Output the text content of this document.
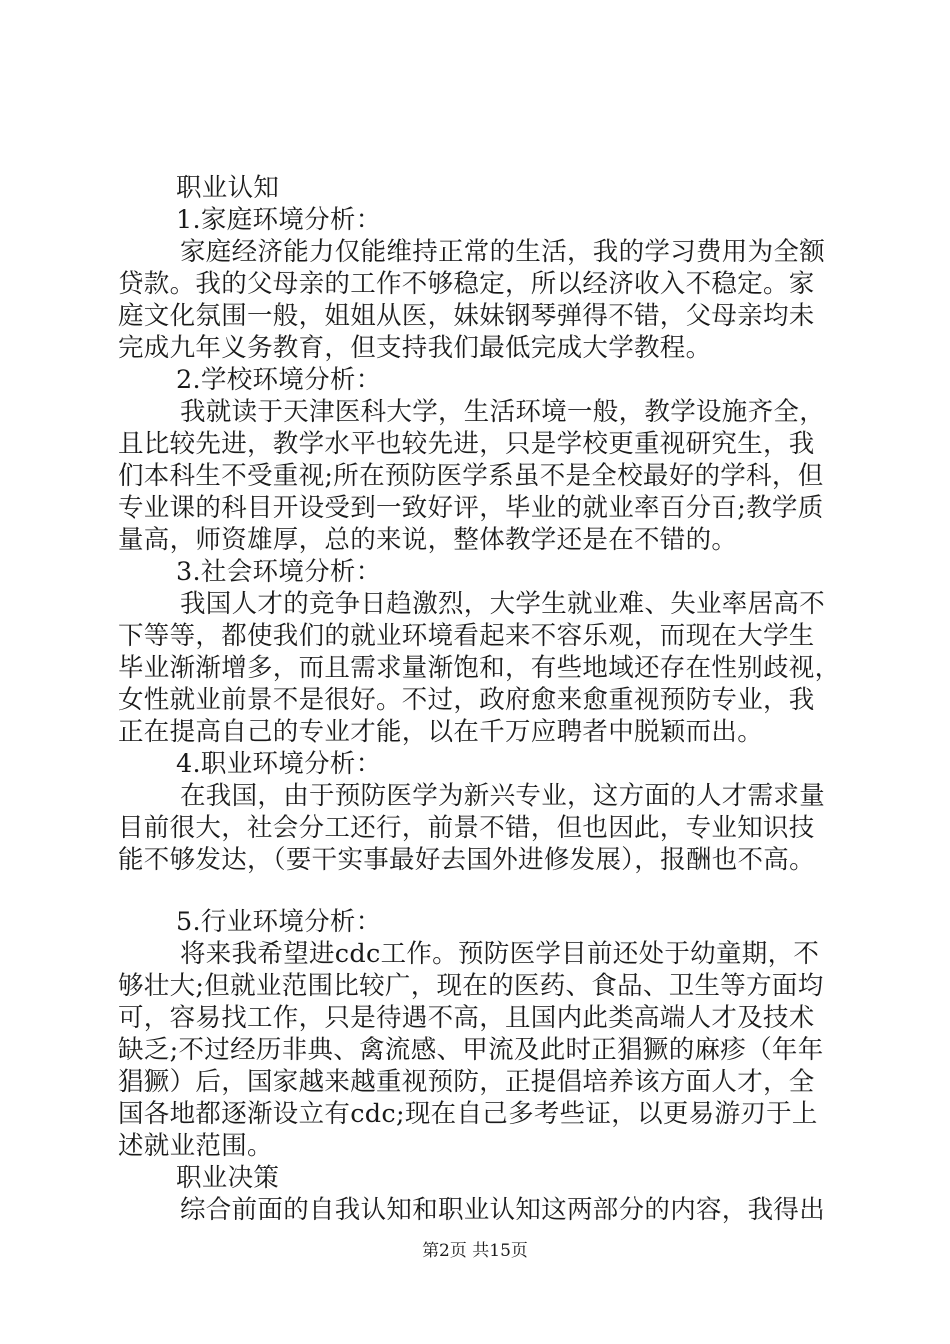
职业认知
1.家庭环境分析：
家庭经济能力仅能维持正常的生活，我的学习费用为全额
贷款。我的父母亲的工作不够稳定，所以经济收入不稳定。家
庭文化氛围一般，姐姐从医，妹妹钢琴弹得不错，父母亲均未
完成九年义务教育，但支持我们最低完成大学教程。
2.学校环境分析：
我就读于天津医科大学，生活环境一般，教学设施齐全，
且比较先进，教学水平也较先进，只是学校更重视研究生，我
们本科生不受重视;所在预防医学系虽不是全校最好的学科，但
专业课的科目开设受到一致好评，毕业的就业率百分百;教学质
量高，师资雄厚，总的来说，整体教学还是在不错的。
3.社会环境分析：
我国人才的竞争日趋激烈，大学生就业难、失业率居高不
下等等，都使我们的就业环境看起来不容乐观，而现在大学生
毕业渐渐增多，而且需求量渐饱和，有些地域还存在性别歧视，
女性就业前景不是很好。不过，政府愈来愈重视预防专业，我
正在提高自己的专业才能，以在千万应聘者中脱颖而出。
4.职业环境分析：
在我国，由于预防医学为新兴专业，这方面的人才需求量
目前很大，社会分工还行，前景不错，但也因此，专业知识技
能不够发达，（要干实事最好去国外进修发展），报酬也不高。
5.行业环境分析：
将来我希望进cdc工作。预防医学目前还处于幼童期，不
够壮大;但就业范围比较广，现在的医药、食品、卫生等方面均
可，容易找工作，只是待遇不高，且国内此类高端人才及技术
缺乏;不过经历非典、禽流感、甲流及此时正猖獗的麻疹（年年
猖獗）后，国家越来越重视预防，正提倡培养该方面人才，全
国各地都逐渐设立有cdc;现在自己多考些证，以更易游刃于上
述就业范围。
职业决策
综合前面的自我认知和职业认知这两部分的内容，我得出
第2页 共15页
